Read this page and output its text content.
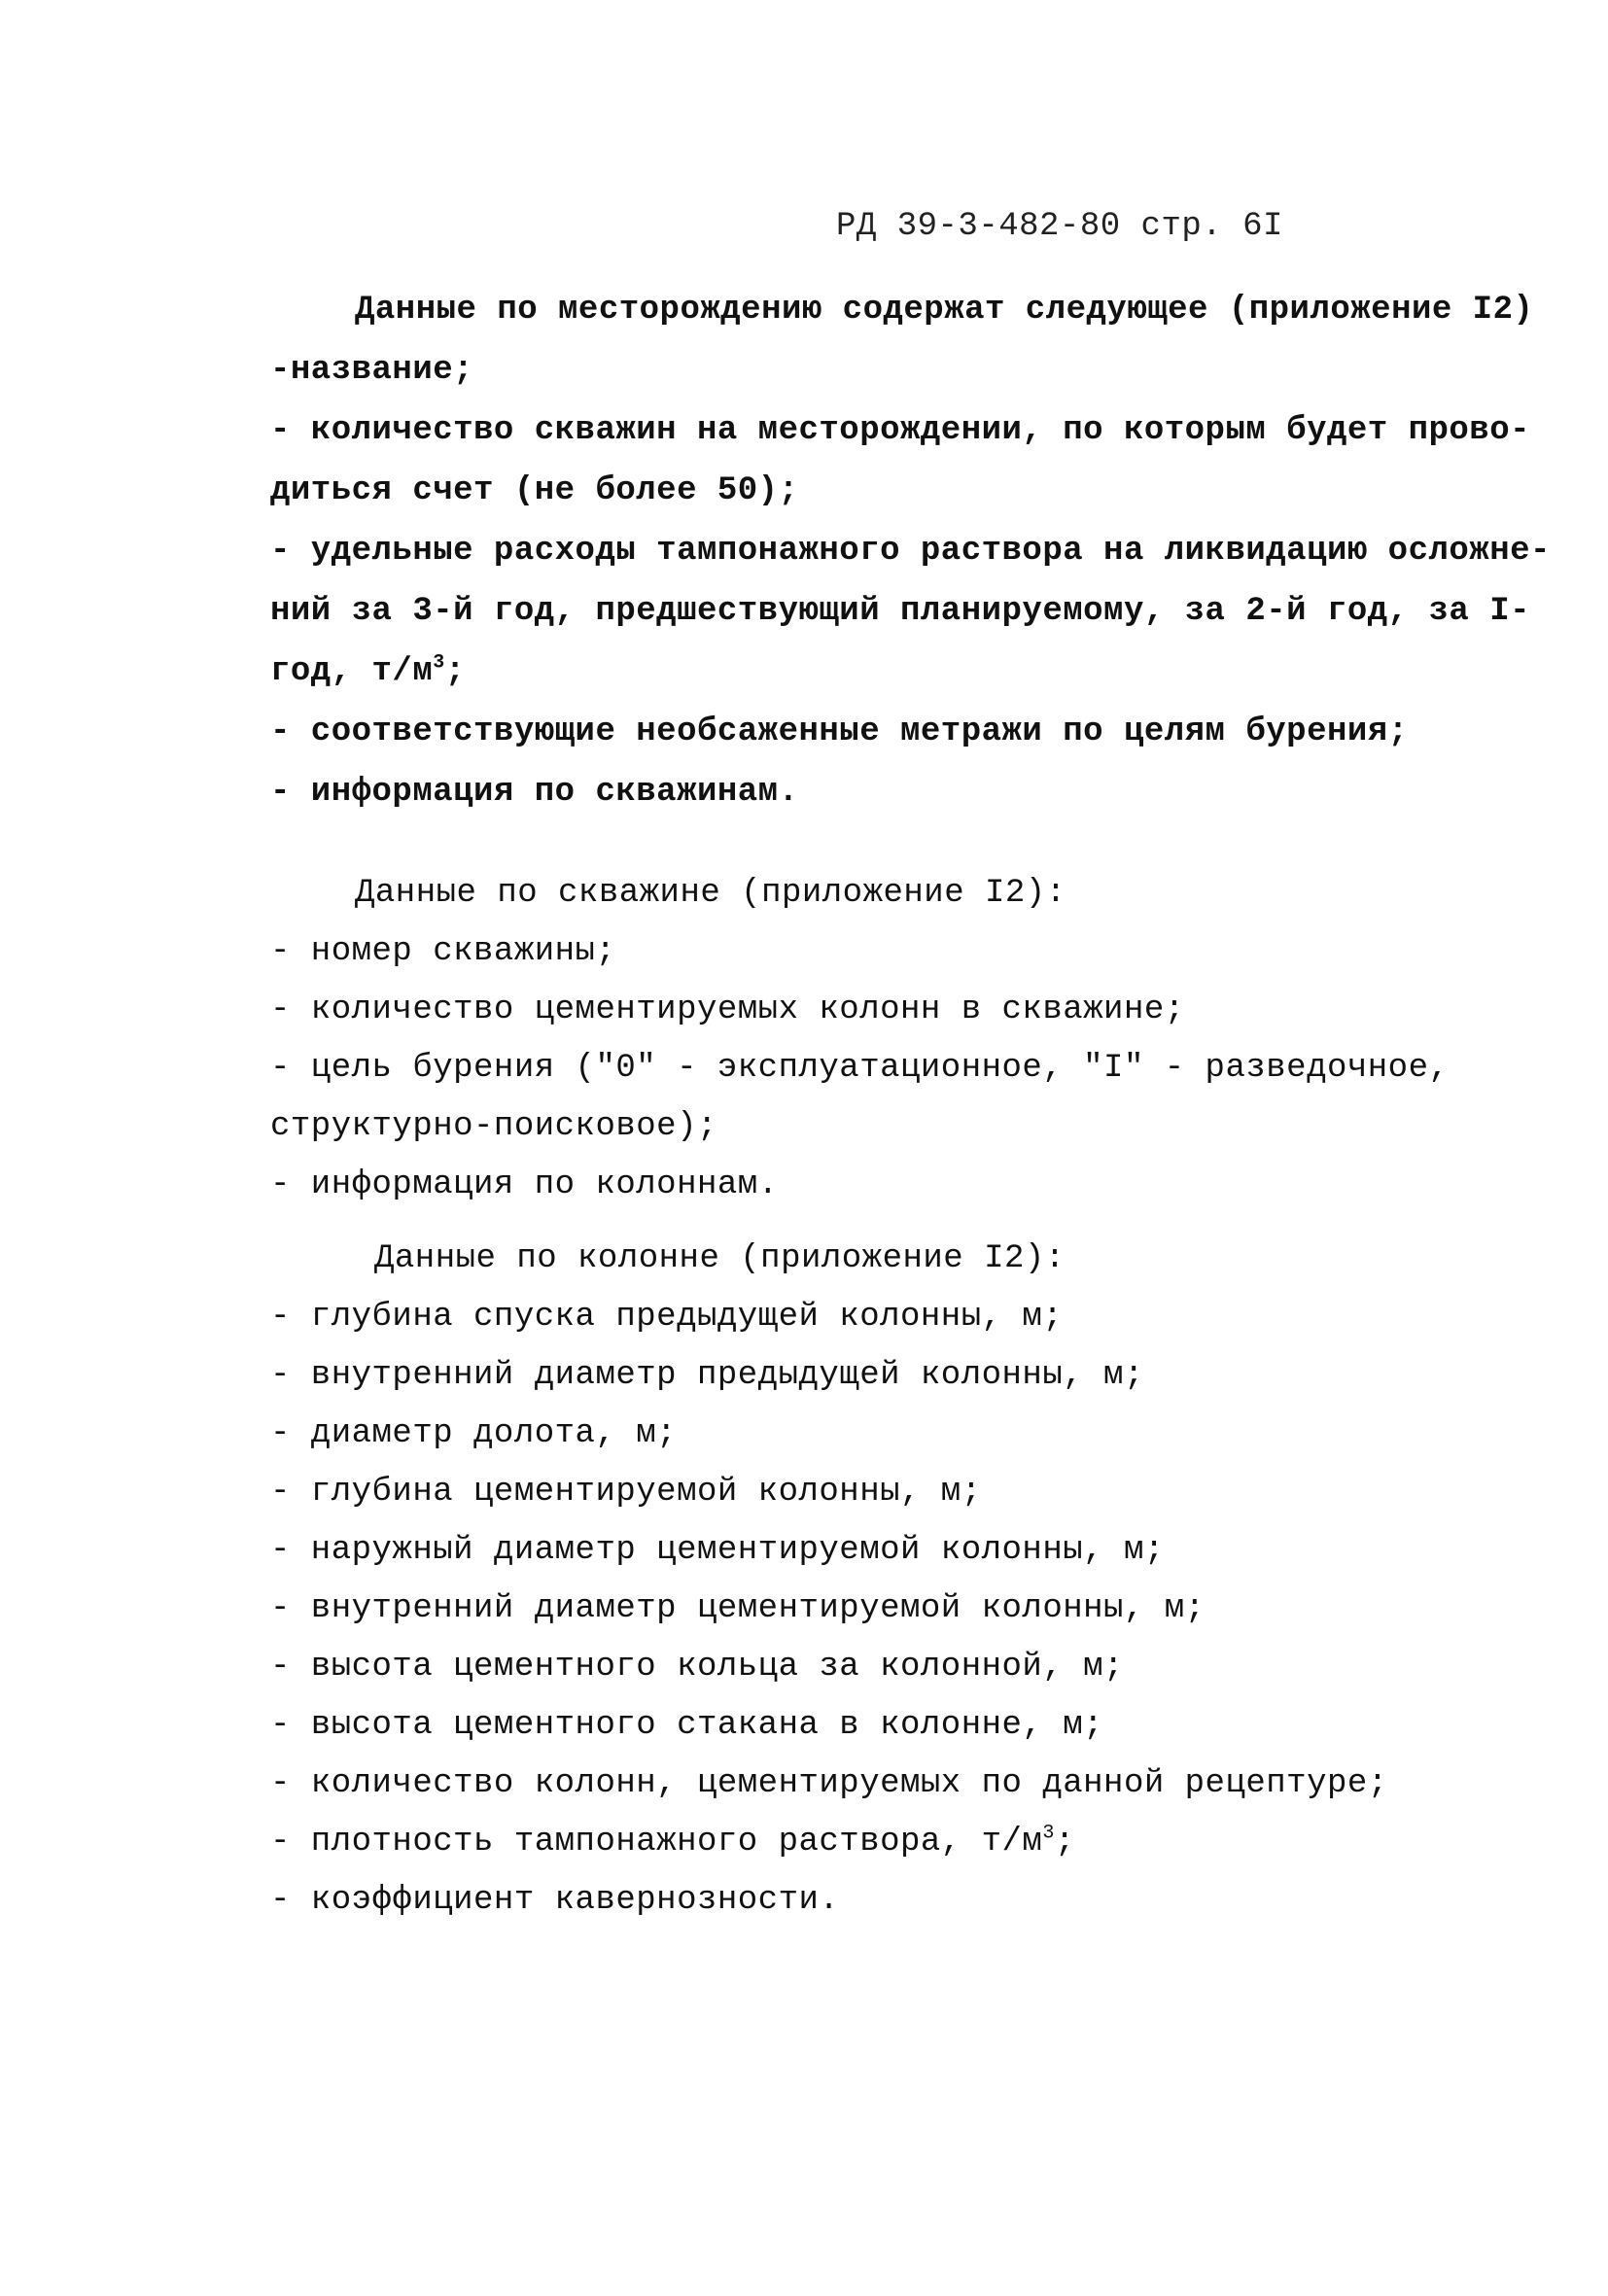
РД 39-3-482-80 стр. 6I
Данные по месторождению содержат следующее (приложение I2)
-название;
- количество скважин на месторождении, по которым будет прово-
диться счет (не более 50);
- удельные расходы тампонажного раствора на ликвидацию осложне-
ний за 3-й год, предшествующий планируемому, за 2-й год, за I-
год, $т/м^3$;
- соответствующие необсаженные метражи по целям бурения;
- информация по скважинам.
Данные по скважине (приложение I2):
- номер скважины;
- количество цементируемых колонн в скважине;
- цель бурения ("0" - эксплуатационное, "I" - разведочное,
структурно-поисковое);
- информация по колоннам.
Данные по колонне (приложение I2):
- глубина спуска предыдущей колонны, м;
- внутренний диаметр предыдущей колонны, м;
- диаметр долота, м;
- глубина цементируемой колонны, м;
- наружный диаметр цементируемой колонны, м;
- внутренний диаметр цементируемой колонны, м;
- высота цементного кольца за колонной, м;
- высота цементного стакана в колонне, м;
- количество колонн, цементируемых по данной рецептуре;
- плотность тампонажного раствора, $т/м^3$;
- коэффициент кавернозности.
